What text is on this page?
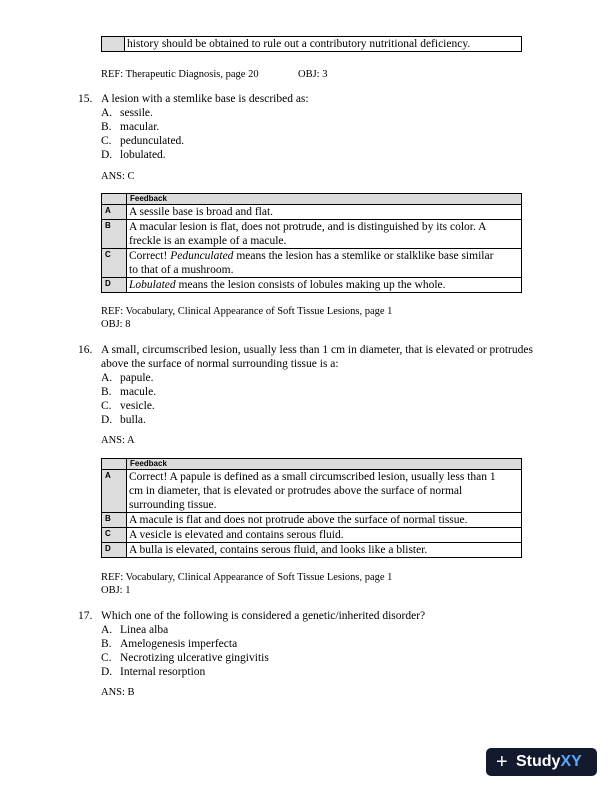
	history should be obtained to rule out a contributory nutritional deficiency.
REF: Therapeutic Diagnosis, page 20	OBJ: 3
15. A lesion with a stemlike base is described as:
A. sessile.
B. macular.
C. pedunculated.
D. lobulated.
ANS: C
	Feedback
A	A sessile base is broad and flat.
B	A macular lesion is flat, does not protrude, and is distinguished by its color. A
freckle is an example of a macule.
C	Correct! Pedunculated means the lesion has a stemlike or stalklike base similar
to that of a mushroom.
D	Lobulated means the lesion consists of lobules making up the whole.
REF: Vocabulary, Clinical Appearance of Soft Tissue Lesions, page 1
OBJ: 8
16. A small, circumscribed lesion, usually less than 1 cm in diameter, that is elevated or protrudes
above the surface of normal surrounding tissue is a:
A. papule.
B. macule.
C. vesicle.
D. bulla.
ANS: A
	Feedback
A	Correct! A papule is defined as a small circumscribed lesion, usually less than 1
cm in diameter, that is elevated or protrudes above the surface of normal
surrounding tissue.
B	A macule is flat and does not protrude above the surface of normal tissue.
C	A vesicle is elevated and contains serous fluid.
D	A bulla is elevated, contains serous fluid, and looks like a blister.
REF: Vocabulary, Clinical Appearance of Soft Tissue Lesions, page 1
OBJ: 1
17. Which one of the following is considered a genetic/inherited disorder?
A. Linea alba
B. Amelogenesis imperfecta
C. Necrotizing ulcerative gingivitis
D. Internal resorption
ANS: B
+ StudyXY
